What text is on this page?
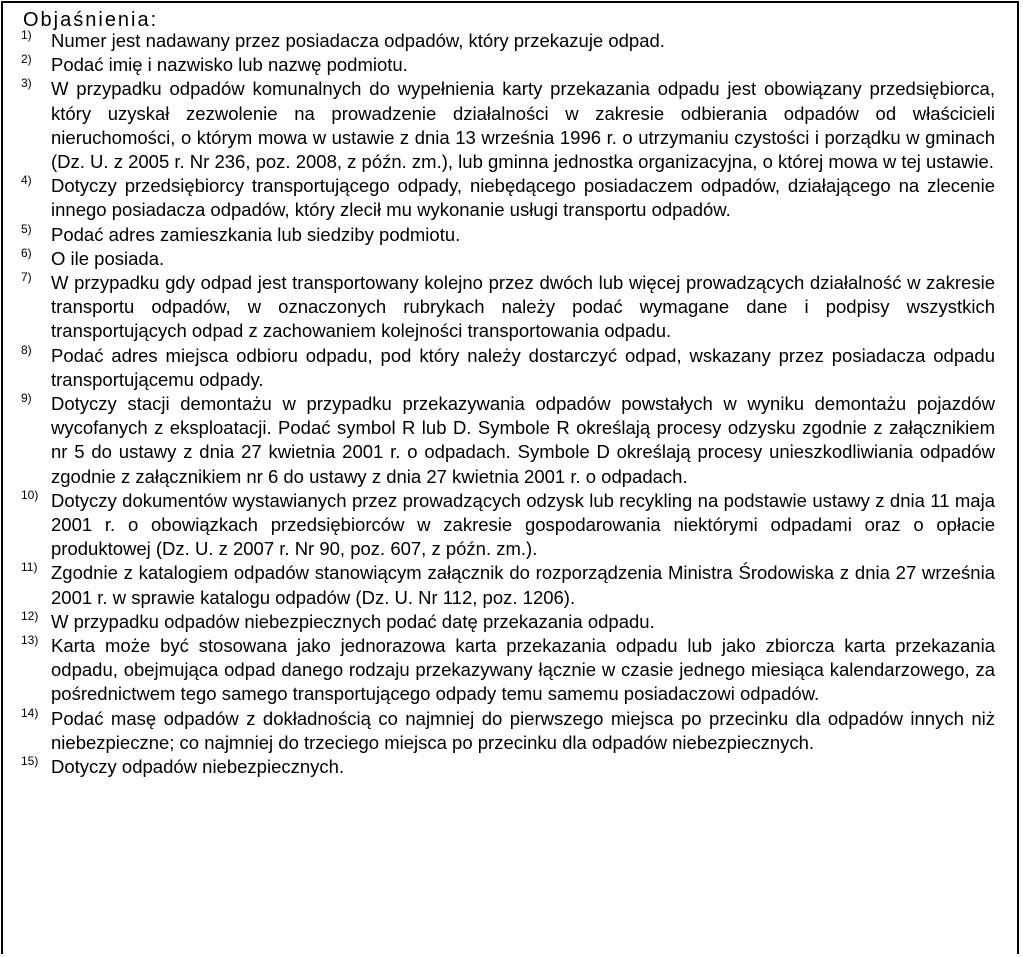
Objaśnienia:
1) Numer jest nadawany przez posiadacza odpadów, który przekazuje odpad.
2) Podać imię i nazwisko lub nazwę podmiotu.
3) W przypadku odpadów komunalnych do wypełnienia karty przekazania odpadu jest obowiązany przedsiębiorca, który uzyskał zezwolenie na prowadzenie działalności w zakresie odbierania odpadów od właścicieli nieruchomości, o którym mowa w ustawie z dnia 13 września 1996 r. o utrzymaniu czystości i porządku w gminach (Dz. U. z 2005 r. Nr 236, poz. 2008, z późn. zm.), lub gminna jednostka organizacyjna, o której mowa w tej ustawie.
4) Dotyczy przedsiębiorcy transportującego odpady, niebędącego posiadaczem odpadów, działającego na zlecenie innego posiadacza odpadów, który zlecił mu wykonanie usługi transportu odpadów.
5) Podać adres zamieszkania lub siedziby podmiotu.
6) O ile posiada.
7) W przypadku gdy odpad jest transportowany kolejno przez dwóch lub więcej prowadzących działalność w zakresie transportu odpadów, w oznaczonych rubrykach należy podać wymagane dane i podpisy wszystkich transportujących odpad z zachowaniem kolejności transportowania odpadu.
8) Podać adres miejsca odbioru odpadu, pod który należy dostarczyć odpad, wskazany przez posiadacza odpadu transportującemu odpady.
9) Dotyczy stacji demontażu w przypadku przekazywania odpadów powstałych w wyniku demontażu pojazdów wycofanych z eksploatacji. Podać symbol R lub D. Symbole R określają procesy odzysku zgodnie z załącznikiem nr 5 do ustawy z dnia 27 kwietnia 2001 r. o odpadach. Symbole D określają procesy unieszkodliwiania odpadów zgodnie z załącznikiem nr 6 do ustawy z dnia 27 kwietnia 2001 r. o odpadach.
10) Dotyczy dokumentów wystawianych przez prowadzących odzysk lub recykling na podstawie ustawy z dnia 11 maja 2001 r. o obowiązkach przedsiębiorców w zakresie gospodarowania niektórymi odpadami oraz o opłacie produktowej (Dz. U. z 2007 r. Nr 90, poz. 607, z późn. zm.).
11) Zgodnie z katalogiem odpadów stanowiącym załącznik do rozporządzenia Ministra Środowiska z dnia 27 września 2001 r. w sprawie katalogu odpadów (Dz. U. Nr 112, poz. 1206).
12) W przypadku odpadów niebezpiecznych podać datę przekazania odpadu.
13) Karta może być stosowana jako jednorazowa karta przekazania odpadu lub jako zbiorcza karta przekazania odpadu, obejmująca odpad danego rodzaju przekazywany łącznie w czasie jednego miesiąca kalendarzowego, za pośrednictwem tego samego transportującego odpady temu samemu posiadaczowi odpadów.
14) Podać masę odpadów z dokładnością co najmniej do pierwszego miejsca po przecinku dla odpadów innych niż niebezpieczne; co najmniej do trzeciego miejsca po przecinku dla odpadów niebezpiecznych.
15) Dotyczy odpadów niebezpiecznych.
